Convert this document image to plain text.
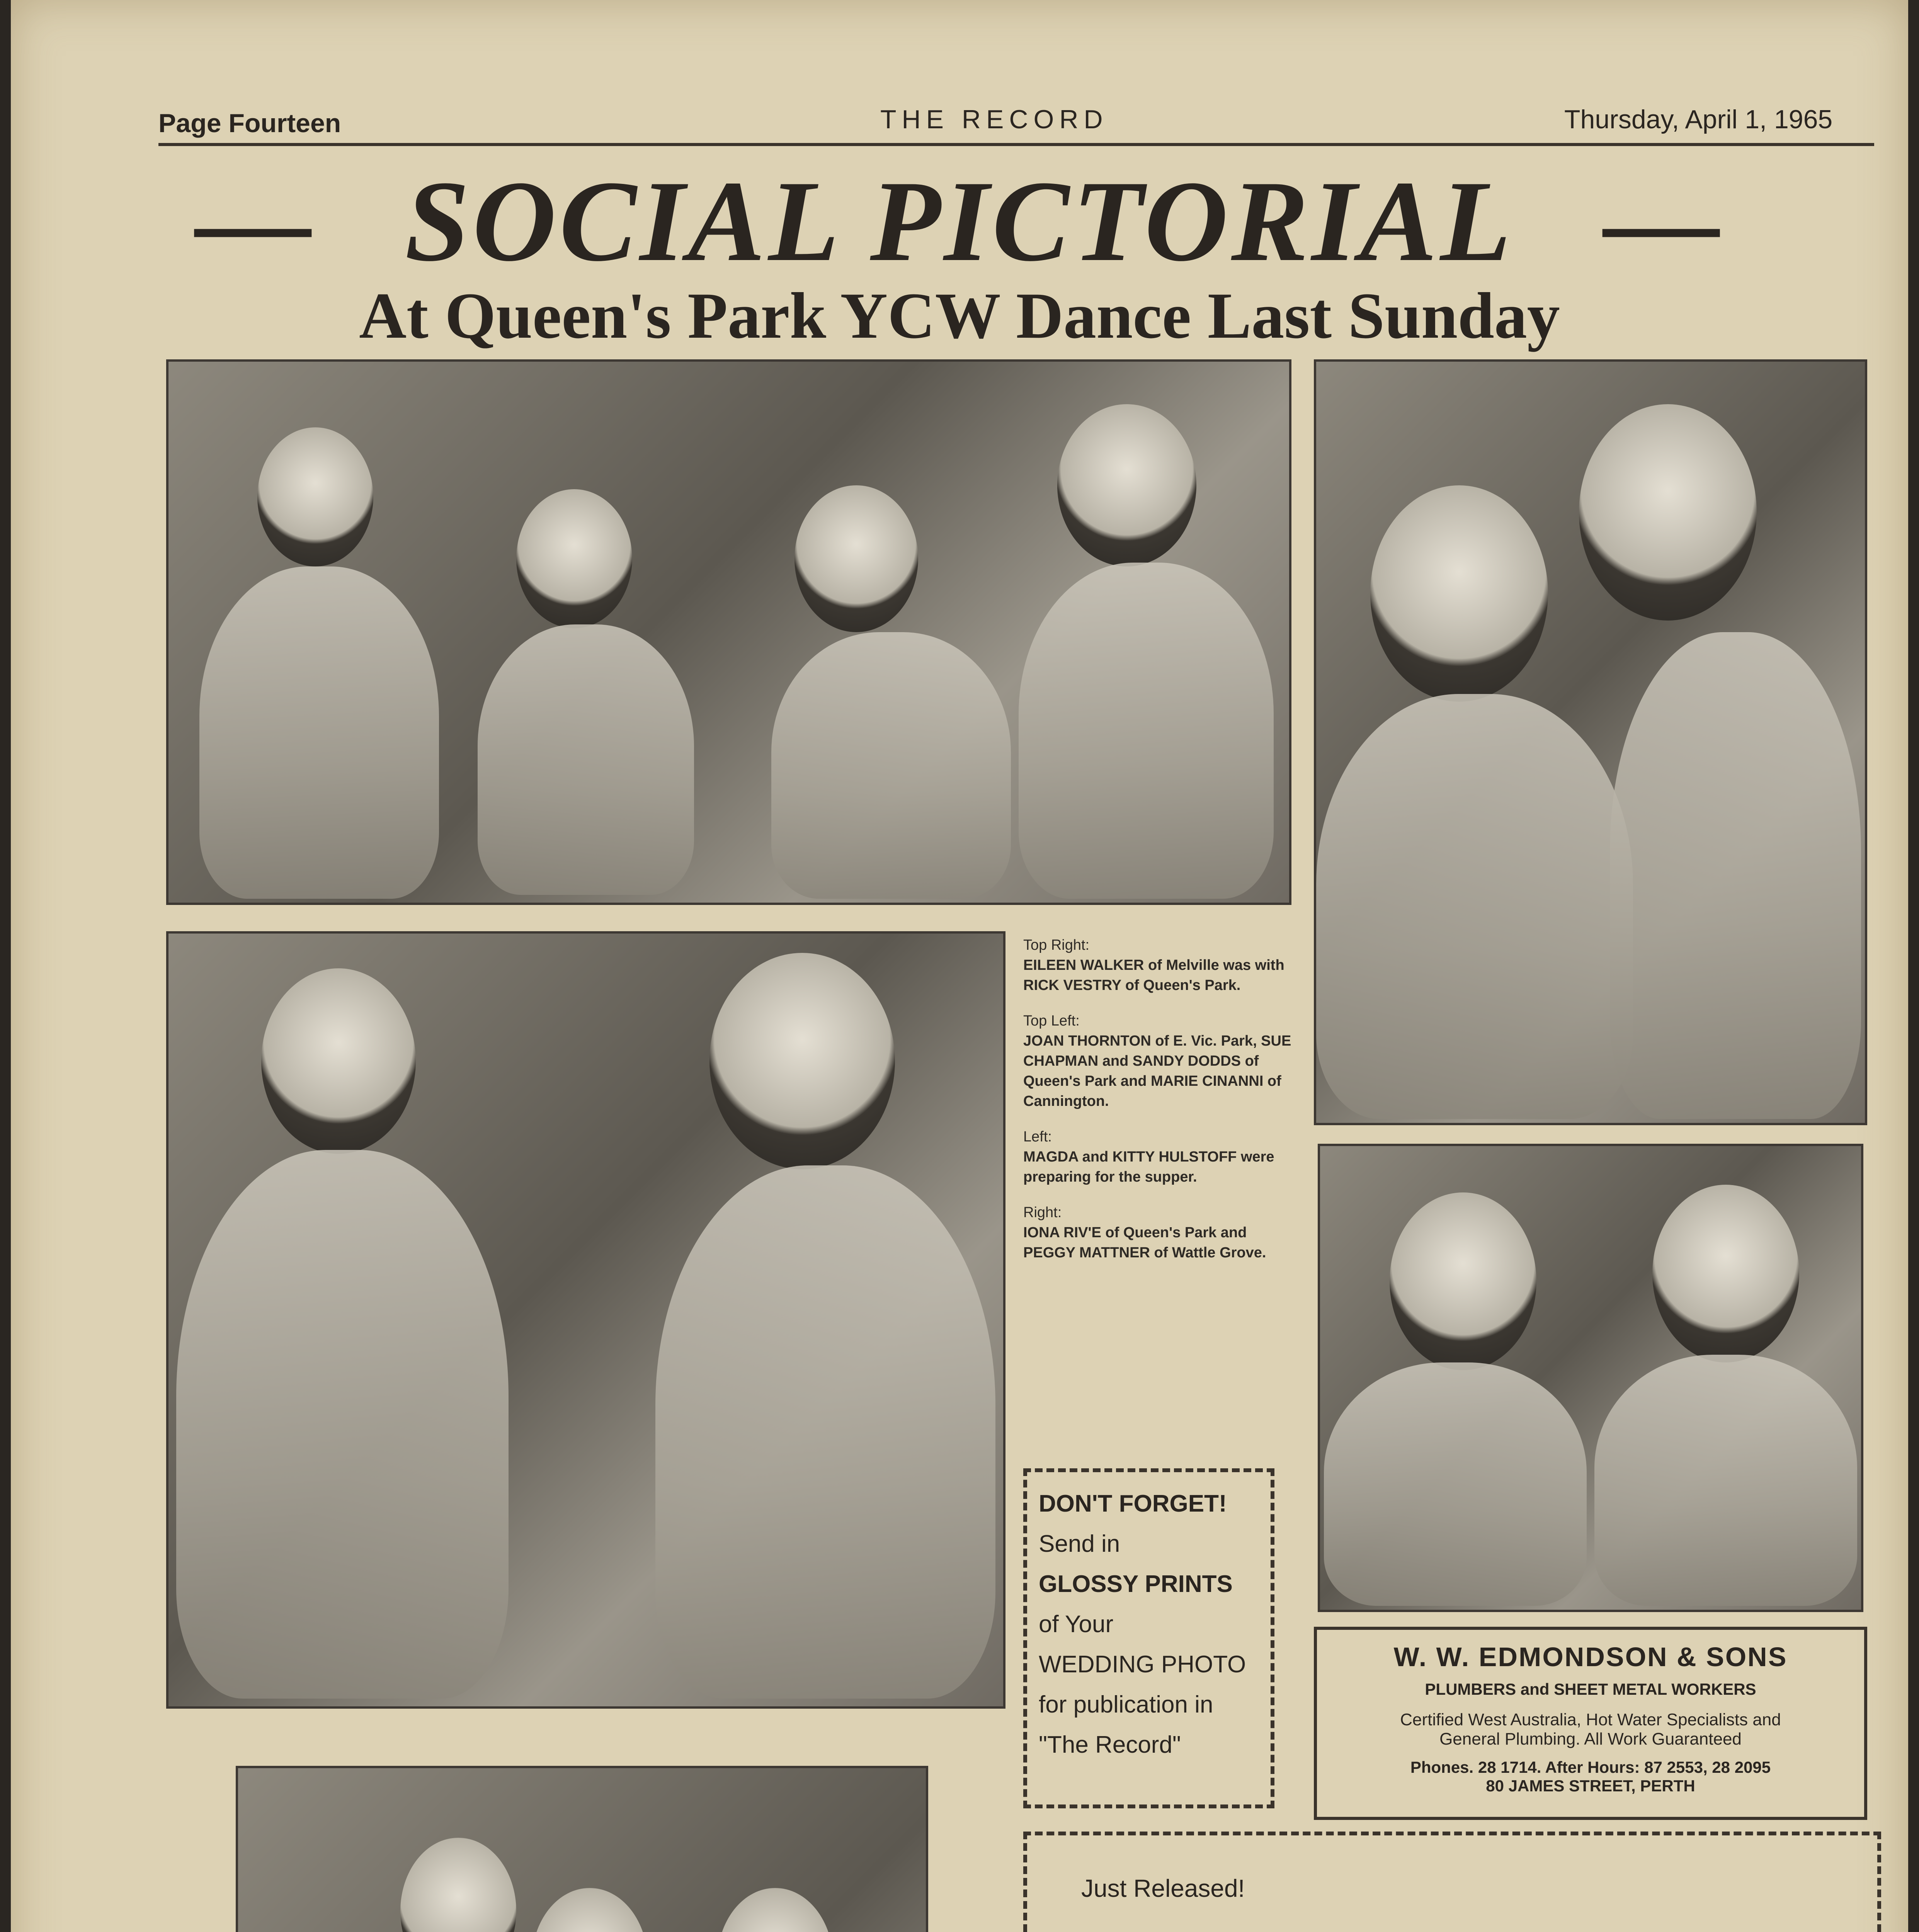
Page Fourteen	THE RECORD	Thursday, April 1, 1965
— SOCIAL PICTORIAL —
At Queen's Park YCW Dance Last Sunday
Top Right:
EILEEN WALKER of Melville was with RICK VESTRY of Queen's Park.
Top Left:
JOAN THORNTON of E. Vic. Park, SUE CHAPMAN and SANDY DODDS of Queen's Park and MARIE CINANNI of Cannington.
Left:
MAGDA and KITTY HULSTOFF were preparing for the supper.
Right:
IONA RIV'E of Queen's Park and PEGGY MATTNER of Wattle Grove.
DON'T FORGET!
Send in
GLOSSY PRINTS
of Your
WEDDING PHOTO
for publication in
"The Record"
W. W. EDMONDSON & SONS
PLUMBERS and SHEET METAL WORKERS
Certified West Australia, Hot Water Specialists and
General Plumbing. All Work Guaranteed
Phones. 28 1714. After Hours: 87 2553, 28 2095
80 JAMES STREET, PERTH
Just Released!
